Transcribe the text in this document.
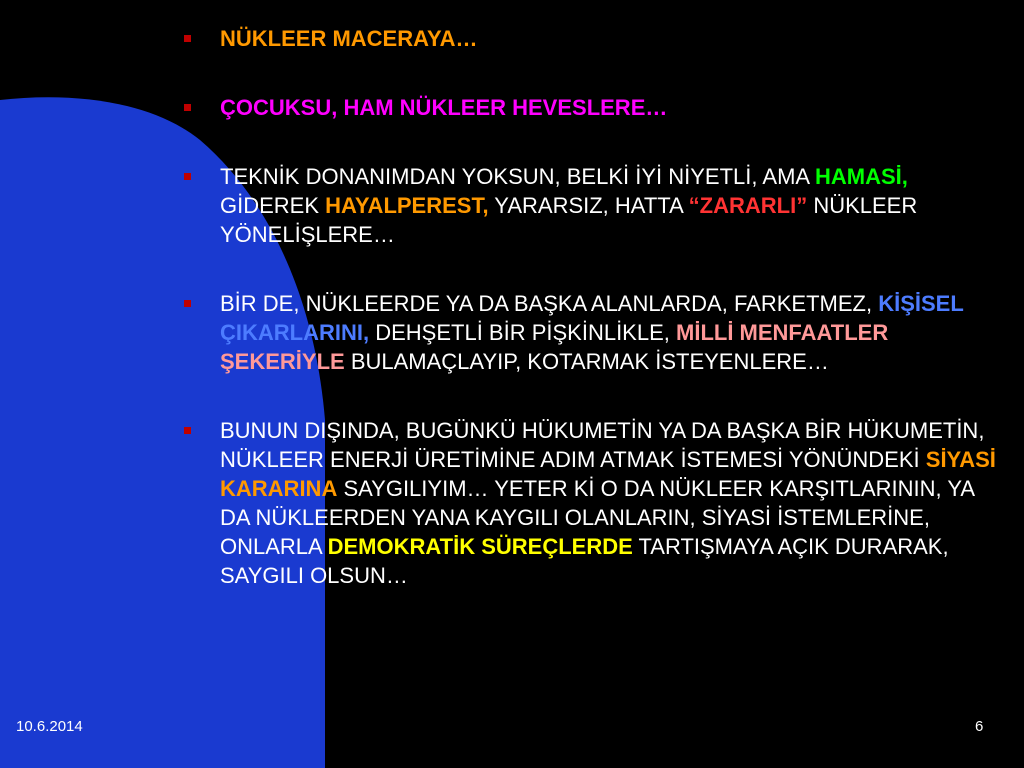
NÜKLEER MACERAYA…
ÇOCUKSU, HAM NÜKLEER HEVESLERE…
TEKNİK DONANIMDAN YOKSUN, BELKİ İYİ NİYETLİ, AMA HAMASİ, GİDEREK HAYALPEREST, YARARSIZ, HATTA “ZARARLI” NÜKLEER YÖNELİŞLERE…
BİR DE, NÜKLEERDE YA DA BAŞKA ALANLARDA, FARKETMEZ, KİŞİSEL ÇIKARLARINI, DEHŞETLİ BİR PİŞKİNLİKLE, MİLLİ MENFAATLER ŞEKERİYLE BULAMAÇLAYIP, KOTARMAK İSTEYENLERE…
BUNUN DIŞINDA, BUGÜNKÜ HÜKUMETİN YA DA BAŞKA BİR HÜKUMETİN, NÜKLEER ENERJİ ÜRETİMİNE ADIM ATMAK İSTEMESİ YÖNÜNDEKİ SİYASİ KARARINA SAYGILIYIM… YETER Kİ O DA NÜKLEER KARŞITLARININ, YA DA NÜKLEERDEN YANA KAYGILI OLANLARIN, SİYASİ İSTEMLERİNE, ONLARLA DEMOKRATİK SÜREÇLERDE TARTIŞMAYA AÇIK DURARAK, SAYGILI OLSUN…
10.6.2014	6
